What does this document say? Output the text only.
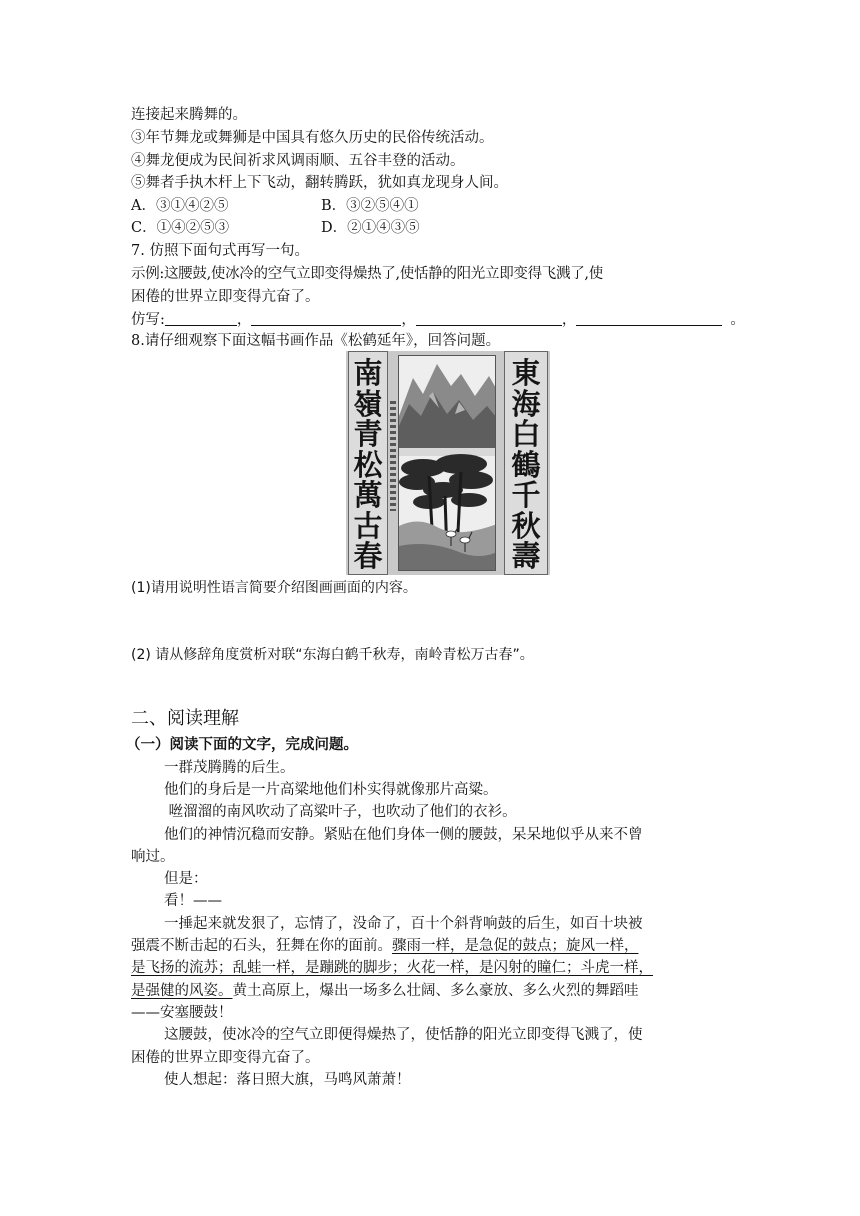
连接起来腾舞的。
③年节舞龙或舞狮是中国具有悠久历史的民俗传统活动。
④舞龙便成为民间祈求风调雨顺、五谷丰登的活动。
⑤舞者手执木杆上下飞动，翻转腾跃，犹如真龙现身人间。
A．③①④②⑤	B．③②⑤④①
C．①④②⑤③	D．②①④③⑤
7. 仿照下面句式再写一句。
示例:这腰鼓,使冰冷的空气立即变得燥热了,使恬静的阳光立即变得飞溅了,使
困倦的世界立即变得亢奋了。
仿写:	，	，	，	。
8.请仔细观察下面这幅书画作品《松鹤延年》，回答问题。
南
嶺
青
松
萬
古
春
東
海
白
鶴
千
秋
壽
(1)请用说明性语言简要介绍图画画面的内容。
(2) 请从修辞角度赏析对联“东海白鹤千秋寿，南岭青松万古春”。
二、阅读理解
（一）阅读下面的文字，完成问题。
一群茂腾腾的后生。
他们的身后是一片高粱地他们朴实得就像那片高粱。
咝溜溜的南风吹动了高粱叶子，也吹动了他们的衣衫。
他们的神情沉稳而安静。紧贴在他们身体一侧的腰鼓，呆呆地似乎从来不曾
响过。
但是：
看！——
一捶起来就发狠了，忘情了，没命了，百十个斜背响鼓的后生，如百十块被
强震不断击起的石头，狂舞在你的面前。骤雨一样，是急促的鼓点；旋风一样，
是飞扬的流苏；乱蛙一样，是蹦跳的脚步；火花一样，是闪射的瞳仁；斗虎一样，
是强健的风姿。黄土高原上，爆出一场多么壮阔、多么豪放、多么火烈的舞蹈哇
——安塞腰鼓！
这腰鼓，使冰冷的空气立即便得燥热了，使恬静的阳光立即变得飞溅了，使
困倦的世界立即变得亢奋了。
使人想起：落日照大旗，马鸣风萧萧！
